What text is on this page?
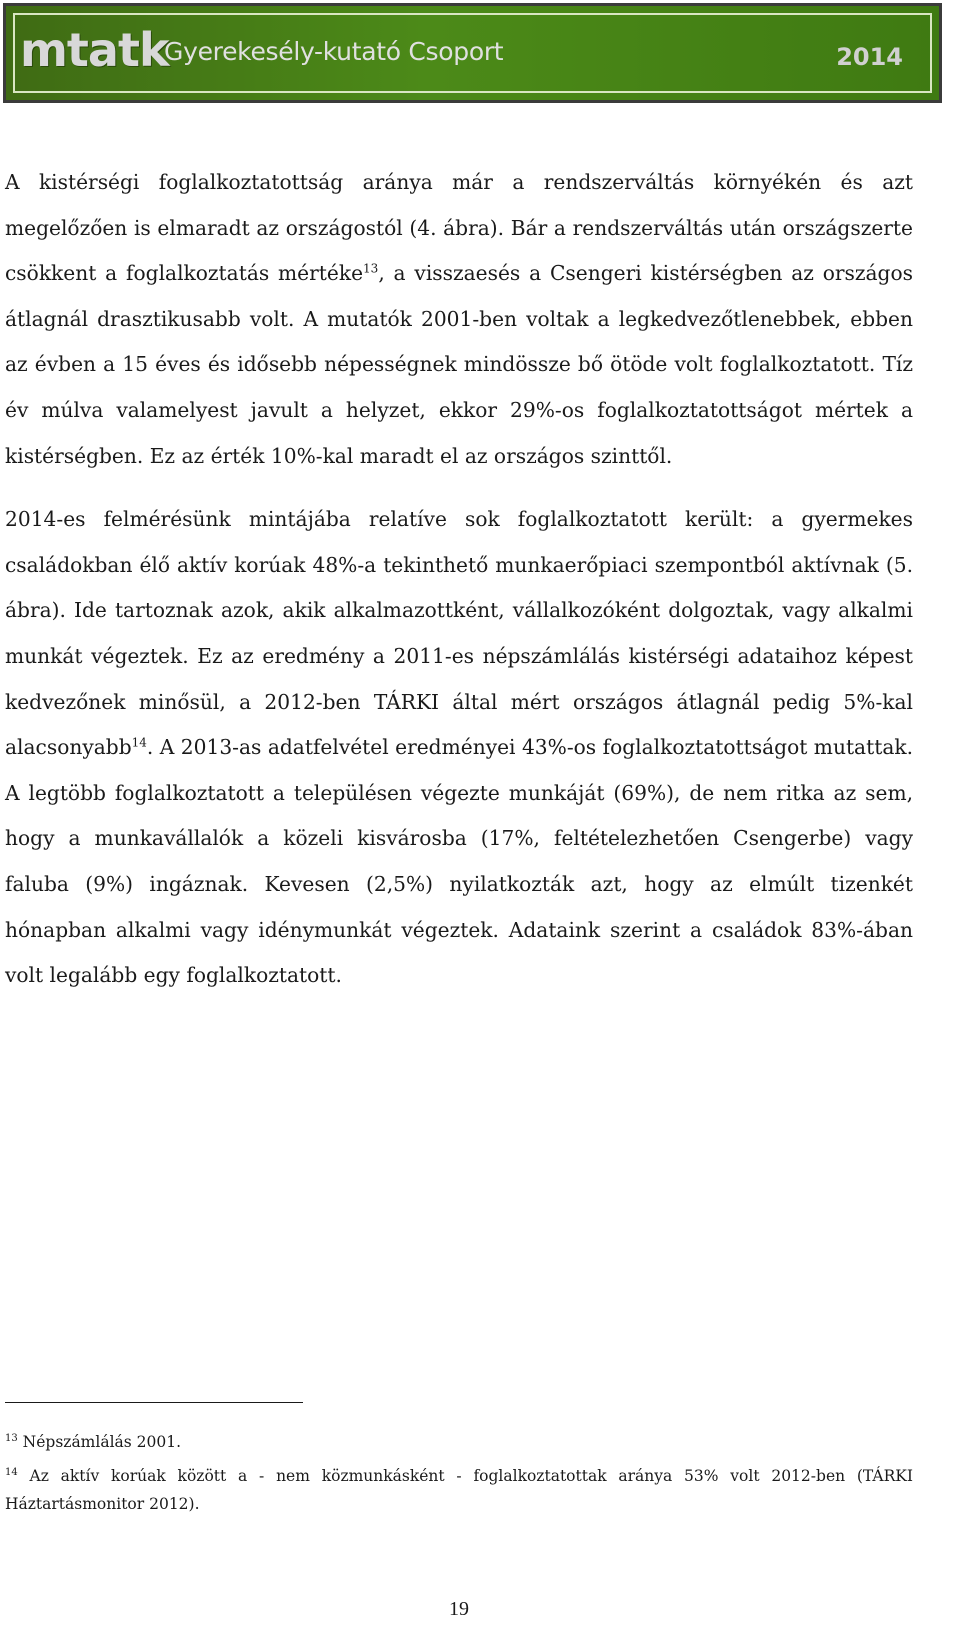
mtatk
Gyerekesély-kutató Csoport	2014

A kistérségi foglalkoztatottság aránya már a rendszerváltás környékén és azt megelőzően is elmaradt az országostól (4. ábra). Bár a rendszerváltás után országszerte csökkent a foglalkoztatás mértéke$^{13}$, a visszaesés a Csengeri kistérségben az országos átlagnál drasztikusabb volt. A mutatók 2001-ben voltak a legkedvezőtlenebbek, ebben az évben a 15 éves és idősebb népességnek mindössze bő ötöde volt foglalkoztatott. Tíz év múlva valamelyest javult a helyzet, ekkor 29%-os foglalkoztatottságot mértek a kistérségben. Ez az érték 10%-kal maradt el az országos szinttől.

2014-es felmérésünk mintájába relatíve sok foglalkoztatott került: a gyermekes családokban élő aktív korúak 48%-a tekinthető munkaerőpiaci szempontból aktívnak (5. ábra). Ide tartoznak azok, akik alkalmazottként, vállalkozóként dolgoztak, vagy alkalmi munkát végeztek. Ez az eredmény a 2011-es népszámlálás kistérségi adataihoz képest kedvezőnek minősül, a 2012-ben TÁRKI által mért országos átlagnál pedig 5%-kal alacsonyabb$^{14}$. A 2013-as adatfelvétel eredményei 43%-os foglalkoztatottságot mutattak. A legtöbb foglalkoztatott a településen végezte munkáját (69%), de nem ritka az sem, hogy a munkavállalók a közeli kisvárosba (17%, feltételezhetően Csengerbe) vagy faluba (9%) ingáznak. Kevesen (2,5%) nyilatkozták azt, hogy az elmúlt tizenkét hónapban alkalmi vagy idénymunkát végeztek. Adataink szerint a családok 83%-ában volt legalább egy foglalkoztatott.

$^{13}$ Népszámlálás 2001.
$^{14}$ Az aktív korúak között a - nem közmunkásként - foglalkoztatottak aránya 53% volt 2012-ben (TÁRKI Háztartásmonitor 2012).
19
